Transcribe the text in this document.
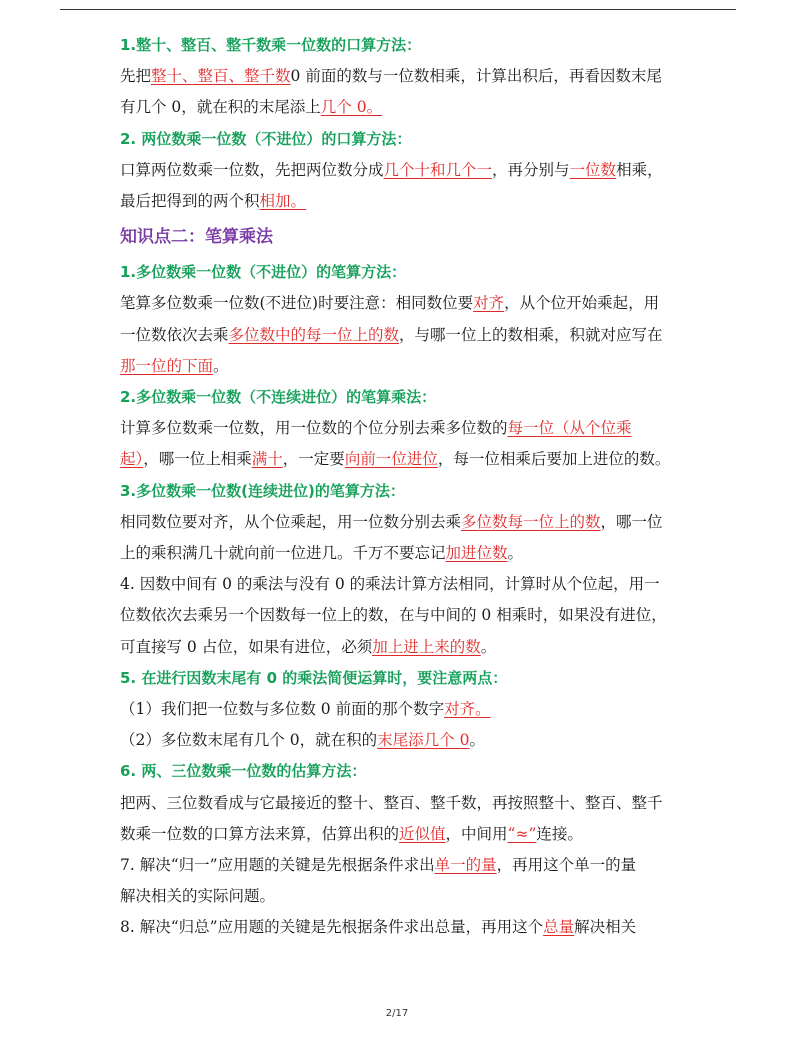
1.整十、整百、整千数乘一位数的口算方法：
先把整十、整百、整千数0 前面的数与一位数相乘，计算出积后，再看因数末尾
有几个 0，就在积的末尾添上几个 0。
2. 两位数乘一位数（不进位）的口算方法：
口算两位数乘一位数，先把两位数分成几个十和几个一，再分别与一位数相乘，
最后把得到的两个积相加。
知识点二：笔算乘法
1.多位数乘一位数（不进位）的笔算方法：
笔算多位数乘一位数(不进位)时要注意：相同数位要对齐，从个位开始乘起，用
一位数依次去乘多位数中的每一位上的数，与哪一位上的数相乘，积就对应写在
那一位的下面。
2.多位数乘一位数（不连续进位）的笔算乘法：
计算多位数乘一位数，用一位数的个位分别去乘多位数的每一位（从个位乘
起），哪一位上相乘满十，一定要向前一位进位，每一位相乘后要加上进位的数。
3.多位数乘一位数(连续进位)的笔算方法：
相同数位要对齐，从个位乘起，用一位数分别去乘多位数每一位上的数，哪一位
上的乘积满几十就向前一位进几。千万不要忘记加进位数。
4. 因数中间有 0 的乘法与没有 0 的乘法计算方法相同，计算时从个位起，用一
位数依次去乘另一个因数每一位上的数，在与中间的 0 相乘时，如果没有进位，
可直接写 0 占位，如果有进位，必须加上进上来的数。
5. 在进行因数末尾有 0 的乘法简便运算时，要注意两点：
（1）我们把一位数与多位数 0 前面的那个数字对齐。
（2）多位数末尾有几个 0，就在积的末尾添几个 0。
6. 两、三位数乘一位数的估算方法：
把两、三位数看成与它最接近的整十、整百、整千数，再按照整十、整百、整千
数乘一位数的口算方法来算，估算出积的近似值，中间用“≈”连接。
7. 解决“归一”应用题的关键是先根据条件求出单一的量，再用这个单一的量
解决相关的实际问题。
8. 解决“归总”应用题的关键是先根据条件求出总量，再用这个总量解决相关
2/17
